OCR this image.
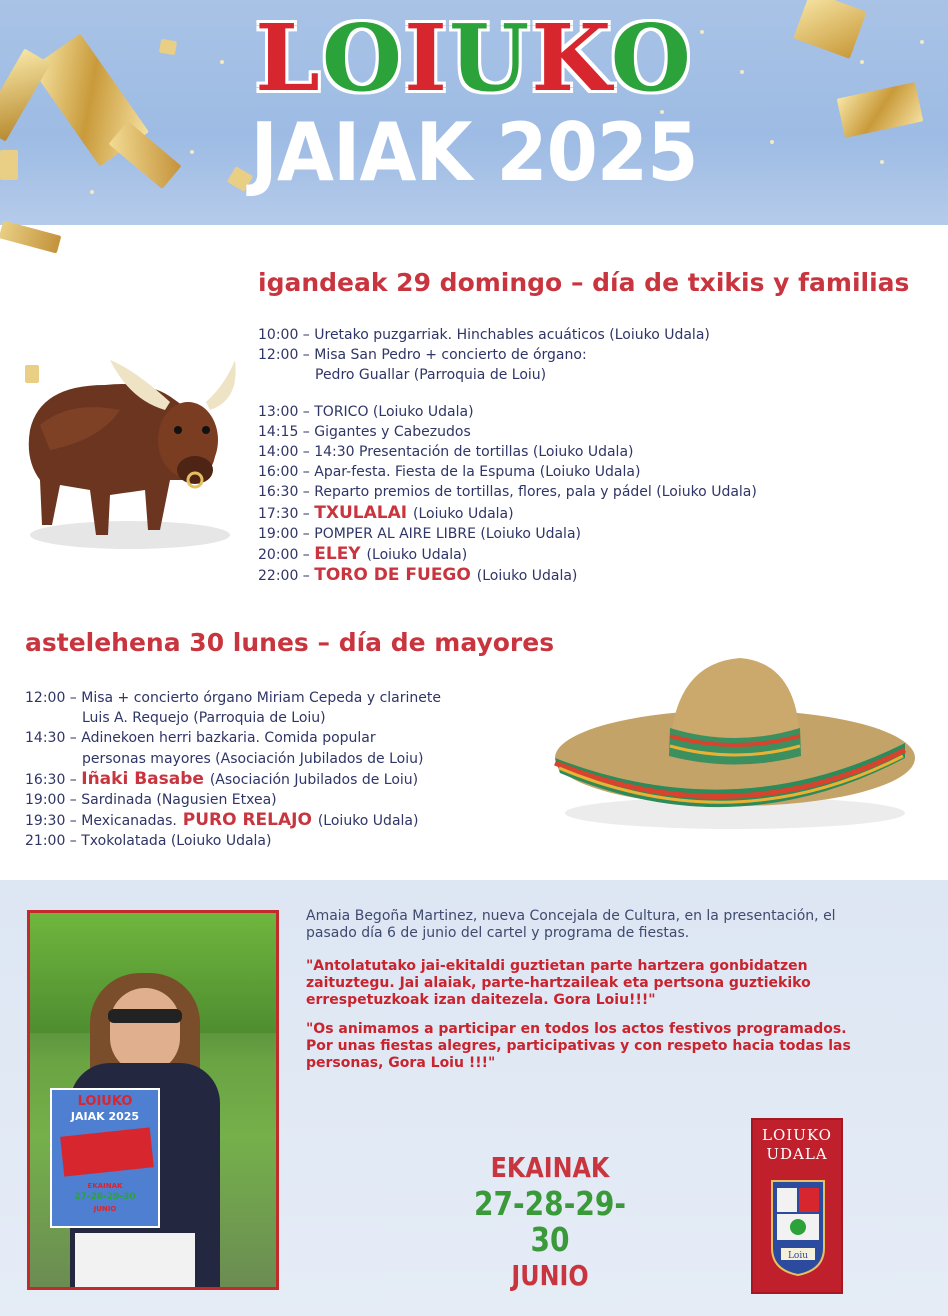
LOIUKO
JAIAK 2025
igandeak 29 domingo – día de txikis y familias
10:00 – Uretako puzgarriak. Hinchables acuáticos (Loiuko Udala)
12:00 – Misa San Pedro + concierto de órgano:
Pedro Guallar (Parroquia de Loiu)
13:00 – TORICO (Loiuko Udala)
14:15 – Gigantes y Cabezudos
14:00 – 14:30 Presentación de tortillas (Loiuko Udala)
16:00 – Apar-festa. Fiesta de la Espuma (Loiuko Udala)
16:30 – Reparto premios de tortillas, flores, pala y pádel (Loiuko Udala)
17:30 – TXULALAI (Loiuko Udala)
19:00 – POMPER AL AIRE LIBRE (Loiuko Udala)
20:00 – ELEY (Loiuko Udala)
22:00 – TORO DE FUEGO (Loiuko Udala)
astelehena 30 lunes – día de mayores
12:00 – Misa + concierto órgano Miriam Cepeda y clarinete
Luis A. Requejo (Parroquia de Loiu)
14:30 – Adinekoen herri bazkaria. Comida popular
personas mayores (Asociación Jubilados de Loiu)
16:30 – Iñaki Basabe (Asociación Jubilados de Loiu)
19:00 – Sardinada (Nagusien Etxea)
19:30 – Mexicanadas. PURO RELAJO (Loiuko Udala)
21:00 – Txokolatada (Loiuko Udala)
LOIUKO
JAIAK 2025
EKAINAK
27-28-29-30
JUNIO
Amaia Begoña Martinez, nueva Concejala de Cultura, en la presentación, el pasado día 6 de junio del cartel y programa de fiestas.
"Antolatutako jai-ekitaldi guztietan parte hartzera gonbidatzen zaituztegu. Jai alaiak, parte-hartzaileak eta pertsona guztiekiko errespetuzkoak izan daitezela. Gora Loiu!!!"
"Os animamos a participar en todos los actos festivos programados. Por unas fiestas alegres, participativas y con respeto hacia todas las personas, Gora Loiu !!!"
EKAINAK
27-28-29-30
JUNIO
LOIUKO
UDALA
Loiu
